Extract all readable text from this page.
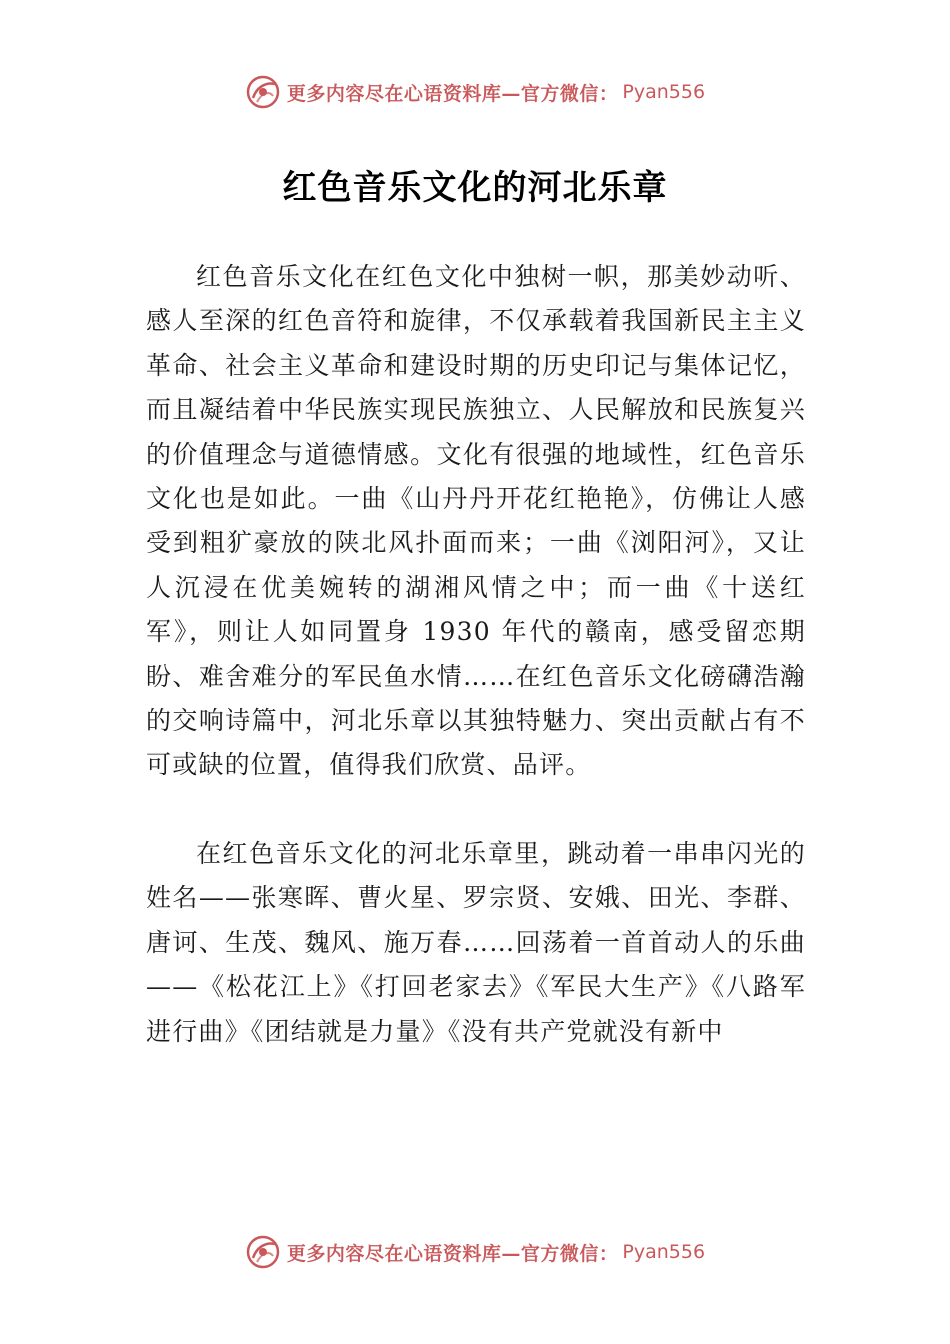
更多内容尽在心语资料库—官方微信： Pyan556
红色音乐文化的河北乐章

红色音乐文化在红色文化中独树一帜，那美妙动听、感人至深的红色音符和旋律，不仅承载着我国新民主主义革命、社会主义革命和建设时期的历史印记与集体记忆，而且凝结着中华民族实现民族独立、人民解放和民族复兴的价值理念与道德情感。文化有很强的地域性，红色音乐文化也是如此。一曲《山丹丹开花红艳艳》，仿佛让人感受到粗犷豪放的陕北风扑面而来；一曲《浏阳河》，又让人沉浸在优美婉转的湖湘风情之中；而一曲《十送红军》，则让人如同置身 1930 年代的赣南，感受留恋期盼、难舍难分的军民鱼水情……在红色音乐文化磅礴浩瀚的交响诗篇中，河北乐章以其独特魅力、突出贡献占有不可或缺的位置，值得我们欣赏、品评。

在红色音乐文化的河北乐章里，跳动着一串串闪光的姓名——张寒晖、曹火星、罗宗贤、安娥、田光、李群、唐诃、生茂、魏风、施万春……回荡着一首首动人的乐曲——《松花江上》《打回老家去》《军民大生产》《八路军进行曲》《团结就是力量》《没有共产党就没有新中

更多内容尽在心语资料库—官方微信： Pyan556
